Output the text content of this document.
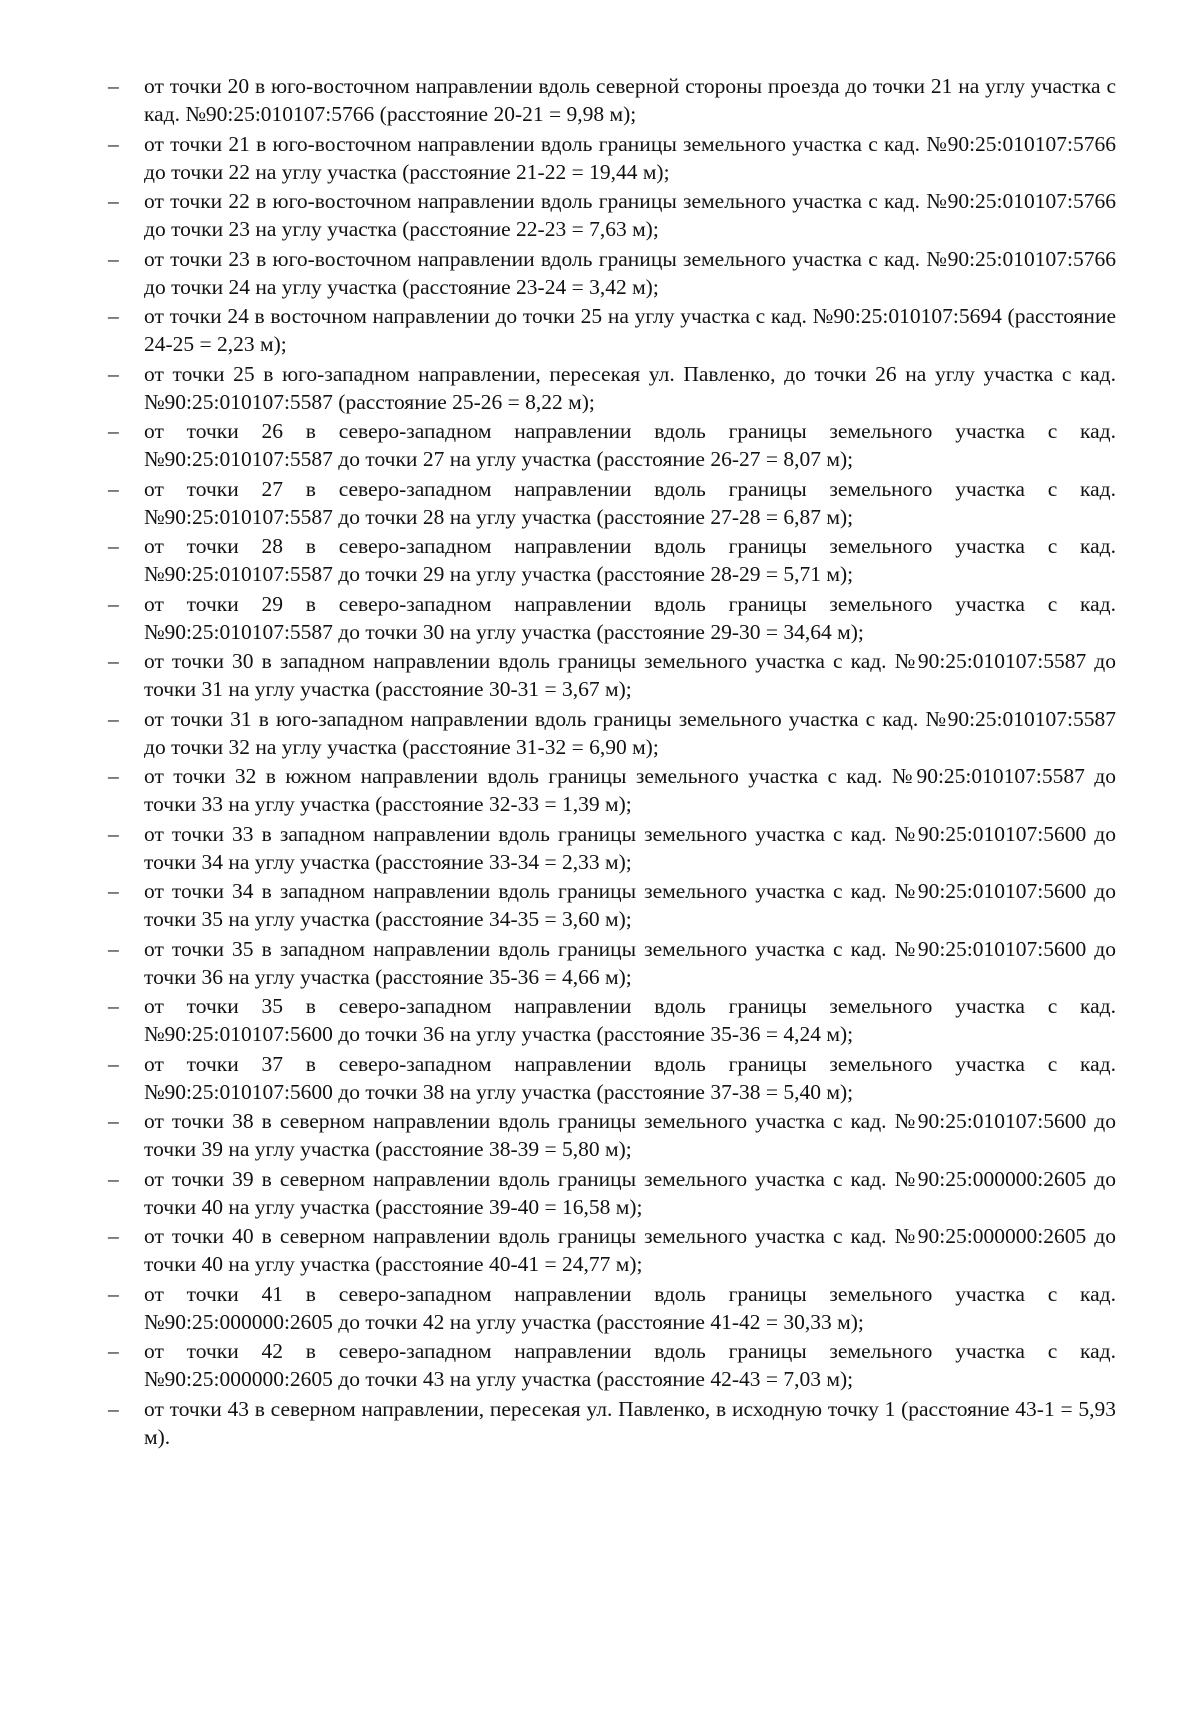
–	от точки 20 в юго-восточном направлении вдоль северной стороны проезда до точки 21 на углу участка с кад. №90:25:010107:5766 (расстояние 20-21 = 9,98 м);
–	от точки 21 в юго-восточном направлении вдоль границы земельного участка с кад. №90:25:010107:5766 до точки 22 на углу участка (расстояние 21-22 = 19,44 м);
–	от точки 22 в юго-восточном направлении вдоль границы земельного участка с кад. №90:25:010107:5766 до точки 23 на углу участка (расстояние 22-23 = 7,63 м);
–	от точки 23 в юго-восточном направлении вдоль границы земельного участка с кад. №90:25:010107:5766 до точки 24 на углу участка (расстояние 23-24 = 3,42 м);
–	от точки 24 в восточном направлении до точки 25 на углу участка с кад. №90:25:010107:5694 (расстояние 24-25 = 2,23 м);
–	от точки 25 в юго-западном направлении, пересекая ул. Павленко, до точки 26 на углу участка с кад. №90:25:010107:5587 (расстояние 25-26 = 8,22 м);
–	от точки 26 в северо-западном направлении вдоль границы земельного участка с кад. №90:25:010107:5587 до точки 27 на углу участка (расстояние 26-27 = 8,07 м);
–	от точки 27 в северо-западном направлении вдоль границы земельного участка с кад. №90:25:010107:5587 до точки 28 на углу участка (расстояние 27-28 = 6,87 м);
–	от точки 28 в северо-западном направлении вдоль границы земельного участка с кад. №90:25:010107:5587 до точки 29 на углу участка (расстояние 28-29 = 5,71 м);
–	от точки 29 в северо-западном направлении вдоль границы земельного участка с кад. №90:25:010107:5587 до точки 30 на углу участка (расстояние 29-30 = 34,64 м);
–	от точки 30 в западном направлении вдоль границы земельного участка с кад. №90:25:010107:5587 до точки 31 на углу участка (расстояние 30-31 = 3,67 м);
–	от точки 31 в юго-западном направлении вдоль границы земельного участка с кад. №90:25:010107:5587 до точки 32 на углу участка (расстояние 31-32 = 6,90 м);
–	от точки 32 в южном направлении вдоль границы земельного участка с кад. №90:25:010107:5587 до точки 33 на углу участка (расстояние 32-33 = 1,39 м);
–	от точки 33 в западном направлении вдоль границы земельного участка с кад. №90:25:010107:5600 до точки 34 на углу участка (расстояние 33-34 = 2,33 м);
–	от точки 34 в западном направлении вдоль границы земельного участка с кад. №90:25:010107:5600 до точки 35 на углу участка (расстояние 34-35 = 3,60 м);
–	от точки 35 в западном направлении вдоль границы земельного участка с кад. №90:25:010107:5600 до точки 36 на углу участка (расстояние 35-36 = 4,66 м);
–	от точки 35 в северо-западном направлении вдоль границы земельного участка с кад. №90:25:010107:5600 до точки 36 на углу участка (расстояние 35-36 = 4,24 м);
–	от точки 37 в северо-западном направлении вдоль границы земельного участка с кад. №90:25:010107:5600 до точки 38 на углу участка (расстояние 37-38 = 5,40 м);
–	от точки 38 в северном направлении вдоль границы земельного участка с кад. №90:25:010107:5600 до точки 39 на углу участка (расстояние 38-39 = 5,80 м);
–	от точки 39 в северном направлении вдоль границы земельного участка с кад. №90:25:000000:2605 до точки 40 на углу участка (расстояние 39-40 = 16,58 м);
–	от точки 40 в северном направлении вдоль границы земельного участка с кад. №90:25:000000:2605 до точки 40 на углу участка (расстояние 40-41 = 24,77 м);
–	от точки 41 в северо-западном направлении вдоль границы земельного участка с кад. №90:25:000000:2605 до точки 42 на углу участка (расстояние 41-42 = 30,33 м);
–	от точки 42 в северо-западном направлении вдоль границы земельного участка с кад. №90:25:000000:2605 до точки 43 на углу участка (расстояние 42-43 = 7,03 м);
–	от точки 43 в северном направлении, пересекая ул. Павленко, в исходную точку 1 (расстояние 43-1 = 5,93 м).
